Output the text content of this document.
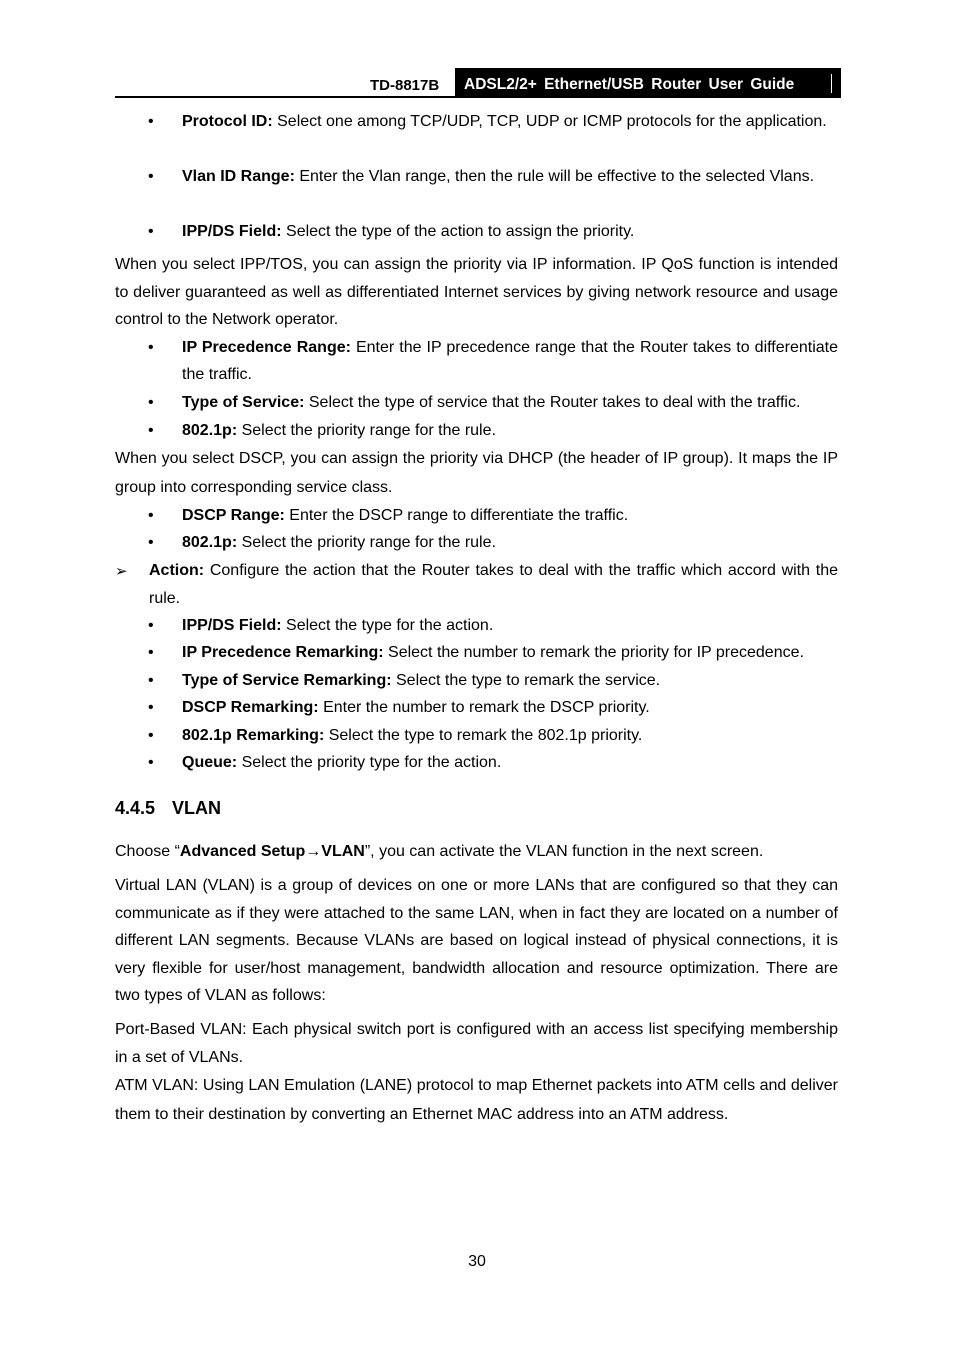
TD-8817B	ADSL2/2+ Ethernet/USB Router User Guide
• Protocol ID: Select one among TCP/UDP, TCP, UDP or ICMP protocols for the application.
• Vlan ID Range: Enter the Vlan range, then the rule will be effective to the selected Vlans.
• IPP/DS Field: Select the type of the action to assign the priority.
When you select IPP/TOS, you can assign the priority via IP information. IP QoS function is intended to deliver guaranteed as well as differentiated Internet services by giving network resource and usage control to the Network operator.
• IP Precedence Range: Enter the IP precedence range that the Router takes to differentiate the traffic.
• Type of Service: Select the type of service that the Router takes to deal with the traffic.
• 802.1p: Select the priority range for the rule.
When you select DSCP, you can assign the priority via DHCP (the header of IP group). It maps the IP group into corresponding service class.
• DSCP Range: Enter the DSCP range to differentiate the traffic.
• 802.1p: Select the priority range for the rule.
➢ Action: Configure the action that the Router takes to deal with the traffic which accord with the rule.
• IPP/DS Field: Select the type for the action.
• IP Precedence Remarking: Select the number to remark the priority for IP precedence.
• Type of Service Remarking: Select the type to remark the service.
• DSCP Remarking: Enter the number to remark the DSCP priority.
• 802.1p Remarking: Select the type to remark the 802.1p priority.
• Queue: Select the priority type for the action.
4.4.5 VLAN
Choose “Advanced Setup→VLAN”, you can activate the VLAN function in the next screen.
Virtual LAN (VLAN) is a group of devices on one or more LANs that are configured so that they can communicate as if they were attached to the same LAN, when in fact they are located on a number of different LAN segments. Because VLANs are based on logical instead of physical connections, it is very flexible for user/host management, bandwidth allocation and resource optimization. There are two types of VLAN as follows:
Port-Based VLAN: Each physical switch port is configured with an access list specifying membership in a set of VLANs.
ATM VLAN: Using LAN Emulation (LANE) protocol to map Ethernet packets into ATM cells and deliver them to their destination by converting an Ethernet MAC address into an ATM address.
30
